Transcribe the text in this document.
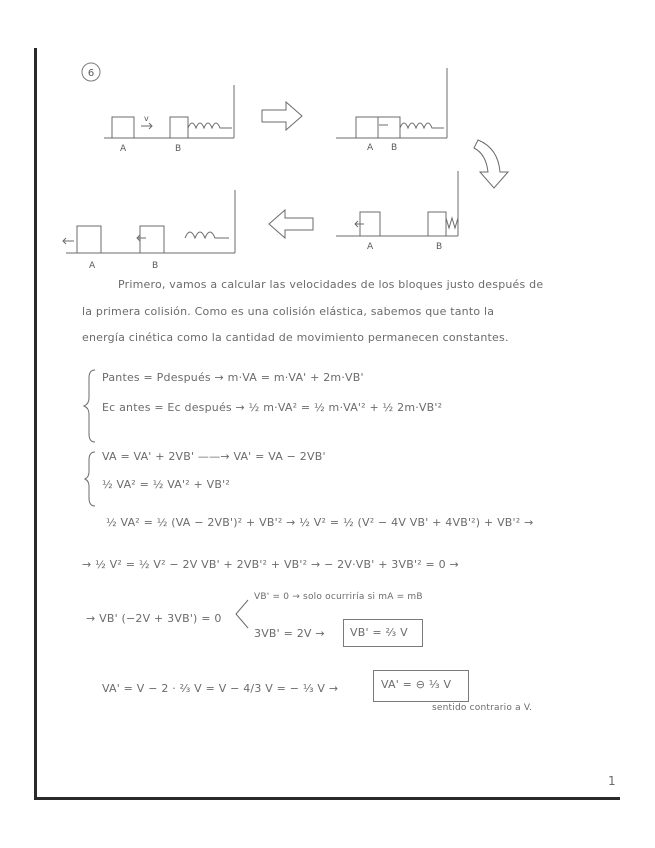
6
v
A	B	A B
A	B
A	B
Primero, vamos a calcular las velocidades de los bloques justo después de
la primera colisión. Como es una colisión elástica, sabemos que tanto la
energía cinética como la cantidad de movimiento permanecen constantes.
Pantes = Pdespués → m·VA = m·VA' + 2m·VB'
Ec antes = Ec después → ½ m·VA² = ½ m·VA'² + ½ 2m·VB'²
VA = VA' + 2VB' ——→ VA' = VA − 2VB'
½ VA² = ½ VA'² + VB'²
½ VA² = ½ (VA − 2VB')² + VB'² → ½ V² = ½ (V² − 4V VB' + 4VB'²) + VB'² →
→ ½ V² = ½ V² − 2V VB' + 2VB'² + VB'² → − 2V·VB' + 3VB'² = 0 →
→ VB' (−2V + 3VB') = 0
VB' = 0 → solo ocurriría si mA = mB
3VB' = 2V → VB' = ⅔ V
VA' = V − 2 · ⅔ V = V − 4/3 V = − ⅓ V →	VA' = ⊖ ⅓ V
sentido contrario a V.
1
